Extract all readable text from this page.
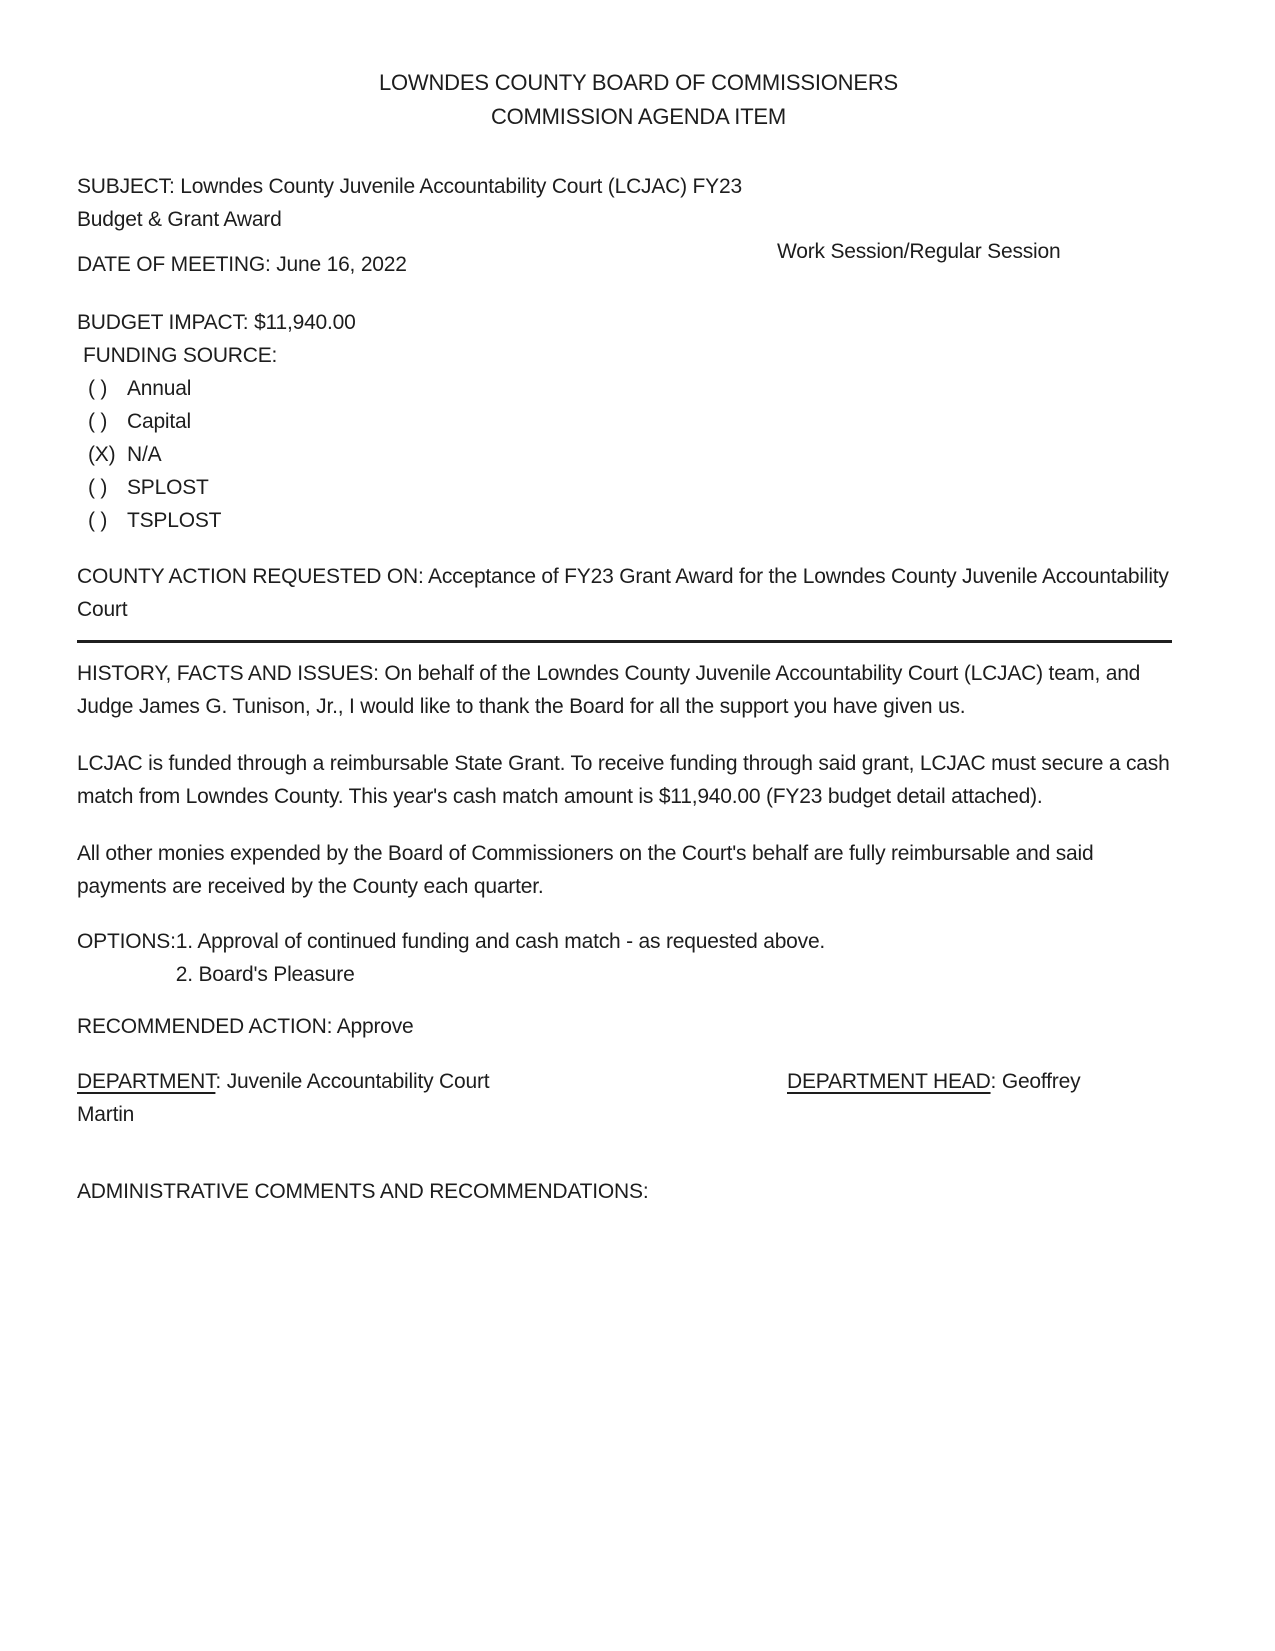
LOWNDES COUNTY BOARD OF COMMISSIONERS
COMMISSION AGENDA ITEM

SUBJECT: Lowndes County Juvenile Accountability Court (LCJAC) FY23 Budget & Grant Award

DATE OF MEETING: June 16, 2022
Work Session/Regular Session
BUDGET IMPACT: $11,940.00
FUNDING SOURCE:
( ) Annual
( ) Capital
(X) N/A
( ) SPLOST
( ) TSPLOST

COUNTY ACTION REQUESTED ON: Acceptance of FY23 Grant Award for the Lowndes County Juvenile Accountability Court

HISTORY, FACTS AND ISSUES: On behalf of the Lowndes County Juvenile Accountability Court (LCJAC) team, and Judge James G. Tunison, Jr., I would like to thank the Board for all the support you have given us.

LCJAC is funded through a reimbursable State Grant. To receive funding through said grant, LCJAC must secure a cash match from Lowndes County. This year's cash match amount is $11,940.00 (FY23 budget detail attached).

All other monies expended by the Board of Commissioners on the Court's behalf are fully reimbursable and said payments are received by the County each quarter.

OPTIONS: 1. Approval of continued funding and cash match - as requested above.
2. Board's Pleasure

RECOMMENDED ACTION: Approve

DEPARTMENT: Juvenile Accountability Court	DEPARTMENT HEAD: Geoffrey
Martin

ADMINISTRATIVE COMMENTS AND RECOMMENDATIONS:
